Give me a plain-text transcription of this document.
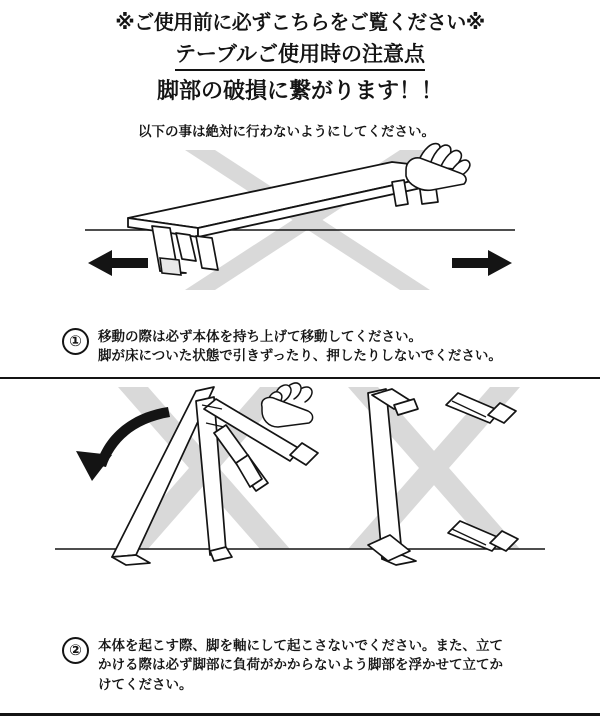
※ご使用前に必ずこちらをご覧ください※
テーブルご使用時の注意点
脚部の破損に繋がります！！
以下の事は絶対に行わないようにしてください。
①	移動の際は必ず本体を持ち上げて移動してください。
脚が床についた状態で引きずったり、押したりしないでください。
②	本体を起こす際、脚を軸にして起こさないでください。また、立て
かける際は必ず脚部に負荷がかからないよう脚部を浮かせて立てか
けてください。
